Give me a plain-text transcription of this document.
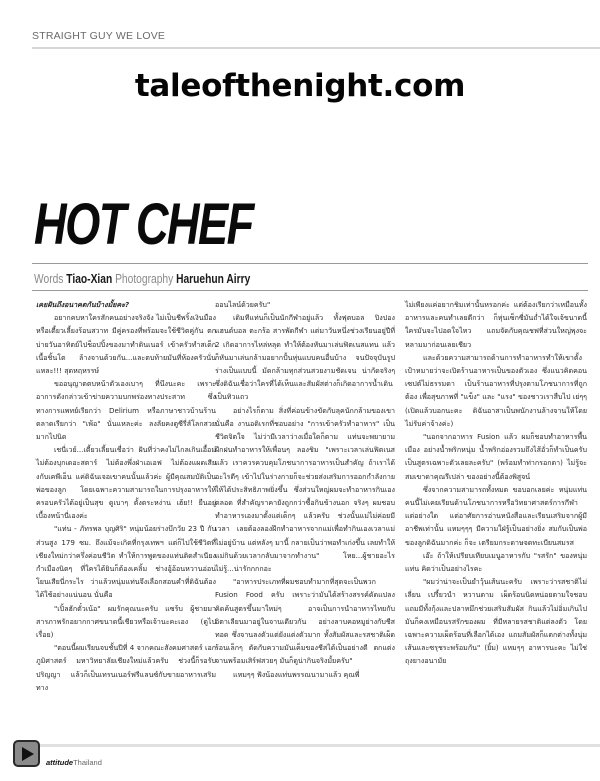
STRAIGHT GUY WE LOVE
taleofthenight.com
HOT CHEF
Words Tiao-Xian Photography Haruehun Airry

เคยฝันถึงอนาคตกันบ้างมั้ยคะ?

อยากคบหาใครสักคนอย่างจริงจัง ไม่เป็นชีพริ้งเงินมือง หรือเตี้ยวเลี้ยงร้อนสวาท มีคู่ครองที่พร้อมจะใช้ชีวิตคู่กัน ตกบ่ายวันอาทิตย์ไปช็อปปิ้งของมาทำดินเนอร์ เข้าครัวทำสเต็กเนื้อชิ้นโต ล้างจานด้วยกัน...และตบท้ายมันที่ห้องครัวนั่นแหละ!!! สุดหฤหรรษ์

ขออนุญาตตบหน้าตัวเองเบาๆ ที่นึงนะคะ เพราะอาการดังกล่าวเข้าข่ายความบกพร่องทางประสาท ซึ่งทางการแพทย์เรียกว่า Delirium หรือภาษาชาวบ้านร้านตลาดเรียกว่า "เพ้อ" นั่นแหละค่ะ ลงลัยคงดูซีรี่ส์โลกสวยมากไปนิด

เชนี่เวย์...เตี้ยวเลี้ยนเชื่อว่า ฝันที่ว่าคงไม่ไกลเกินเอื้อม ไม่ต้องบุกเดอะสตาร์ ไม่ต้องพึ่งฝ่าเอเอฟ ไม่ต้องแผดเสียงกับเคพีเอ็น แค่ดิฉันเจอเขาคนนั้นแล้วค่ะ ผู้มีคุณสมบัติเป็นพ่อของลูก โดยเฉพาะความสามารถในการปรุงอาหารให้ครอบครัวได้อยู่เป็นสุข ดูเบาๆ ตั้งตระหง่าน เฮ้ย!! ยืนอยู่เบื้องหน้านี่เองค่ะ

"แท่น - ภัทรพล บุญศิริ" หนุ่มน้อยร่างบึกวัย 23 ปี กับส่วนสูง 179 ซม. ถึงแม้จะเกิดที่กรุงเทพฯ แต่ก็ไปใช้ชีวิตที่เชียงใหม่กว่าครึ่งค่อนชีวิต ทำให้การพูดของแท่นติดสำเนียงกำเมืองนิดๆ ที่ใครได้ยินก็ต้องเคลิ้ม ช่างอู้อ้อนหวานอ่อนโยนเสียนี่กระไร ว่าแล้วหนุ่มแท่นจึงเลือกสอนคำที่ดิฉันต้องได้ใช้อย่างแน่นอน นั่นคือ

"เปิ้ลฮักตั๋วเน้อ" ผมรักคุณนะครับ แซร้บ ผู้ชายมาสารภาพรักอยากกาศขนาดนี้เชียวหรือเจ้านะคะเอง (ดูไปเรื่อย)

"ตอนนี้ผมเรียนจบชั้นปีที่ 4 จากคณะสังคมศาสตร์ เอกภูมิศาสตร์ มหาวิทยาลัยเชียงใหม่แล้วครับ ช่วงนี้ก็รอรับปริญญา แล้วก็เป็นเทรนเนอร์ฟรีแลนซ์กับขายอาหารเสริมทาง

ออนไลน์ด้วยครับ"

เดิมทีแท่นก็เป็นนักกีฬาอยู่แล้ว ทั้งฟุตบอล ปิงปอง แฮนด์บอล ตะกร้อ สารพัดกีฬา แต่มาวันหนึ่งช่วงเรียนอยู่ปีที่ 2 เกิดอาการไหล่หลุด ทำให้ต้องหันมาเล่นฟิตเนสแทน แล้วก็หันมาเล่นกล้ามอยากปั้นหุ่นแบบคนอื่นบ้าง จนปัจจุบันรูปร่างเป็นแบบนี้ มัดกล้ามทุกส่วนสวยงามชัดเจน น่ากัดจริงๆ ซึ่งดิฉันเชื่อว่าใครที่ได้เห็นและสัมผัสต่างก็เกิดอาการน้ำเดินเป็นทิวแถว

อย่างไรก็ตาม สิ่งที่ค่อนข้างขัดกับลุคนักกล้ามของเขานั่นคือ งานอดิเรกที่ชอบอย่าง "การเข้าครัวทำอาหาร" เป็นชีวิตจิตใจ ไม่ว่ามีเวลาว่างเมื่อใดก็ตาม แท่นจะพยายามฝึกฝนทำอาหารให้เพื่อนๆ ลองชิม "เพราะเวลาเล่นฟิตเนสแล้ว เราควรควบคุมโภชนาการอาหารเป็นสำคัญ ถ้าเราได้อะไรดีๆ เข้าไปในร่างกายก็จะช่วยส่งเสริมการออกกำลังกายให้ได้ประสิทธิภาพยิ่งขึ้น ซึ่งส่วนใหญ่ผมจะทำอาหารกินเองตลอด ที่สำคัญราคายังถูกกว่าซื้อกินข้างนอก จริงๆ ผมชอบทำอาหารเองมาตั้งแต่เด็กๆ แล้วครับ ช่วงนั้นแม่ไม่ค่อยมีเวลา เลยต้องลองฝึกทำอาหารจากแม่เพื่อทำกินเองเวลาแม่ไม่อยู่บ้าน แต่หลังๆ มานี้ กลายเป็นว่าพอทำเก่งขึ้น เลยทำให้แม่กินด้วยเวลากลับมาจากทำงาน" โหย...ผู้ชายอะไรไม่รู้...น่ารักกกกอะ

"อาหารประเภทที่ผมชอบทำมากที่สุดจะเป็นพวก Fusion Food ครับ เพราะว่ามันได้สร้างสรรค์ดัดแปลง คิดค้นสูตรขึ้นมาใหม่ๆ อาจเป็นการนำอาหารไทยกับอิตาเลียนมาอยู่ในจานเดียวกัน อย่างลาบคอหมูย่างกับชีสทอด ซึ่งจานลงตัวแต่ยังแต่งตัวมาก ทั้งสัมผัสและรสชาติเผ็ดร้อนเล็กๆ ตัดกับความมันเค็มของชีสได้เป็นอย่างดี ตกแต่งจานพร้อมเสิร์ฟสวยๆ มันก็ดูน่ากินจริงมั้ยครับ"

แหมๆๆ ฟังน้องแท่นพรรณนามาแล้ว คุณพี่

ไม่เพียงแค่อยากชิมเท่านั้นหรอกค่ะ แต่ต้องเรียกว่าเหมือนทั้งอาหารและคนทำเลยดีกว่า ก็หุ่นเซ็กซี่มันถ่ำได้ใจเจ้ขนาดนี้ใครมันจะไปอดใจไหว แถมจัดกับคุณชฟที่ส่วนใหญ่พุงจะหลามมาก่อนเลยเชียว

และด้วยความสามารถด้านการทำอาหารทำให้เขาตั้งเป้าหมายว่าจะเปิดร้านอาหารเป็นของตัวเอง ซึ่งแนวคิดคอนเซปต์ไม่ธรรมดา เป็นร้านอาหารที่ปรุงตามโภชนาการที่ถูกต้อง เพื่อสุขภาพที่ "แข็ง" และ "แรง" ของชาวเราสืบไป เย่ๆๆ (เปิดแล้วบอกนะคะ ดิฉันอาสาเป็นพนักงานล้างจานให้โดยไม่รับค่าจ้างค่ะ)

"นอกจากอาหาร Fusion แล้ว ผมก็ชอบทำอาหารพื้นเมือง อย่างน้ำพริกหนุ่ม น้ำพริกอ่องรวมถึงไส้อั่วก็ทำเป็นครับ เป็นสูตรเฉพาะตัวเลยละครับ" (พร้อมทำท่ากรอกตา) ไม่รู้จะสมเขาดาคุณรีเปล่า ของอย่างนี้ต้องพิสูจน์

ซึ่งจากความสามารถทั้งหมด ขอบอกเลยค่ะ หนุ่มแท่นคนนี้ไม่เคยเรียนด้านโภชนาการหรือวิทยาศาสตร์การกีฬาแต่อย่างใด แต่อาศัยการอ่านหนังสือและเรียนเสริมจากผู้มีอาชีพเท่านั้น แหมๆๆๆ มีความใฝ่รู้เป็นอย่างยิ่ง สมกับเป็นพ่อของลูกดิฉันมากค่ะ ก็จะ เตรียมกระดาษจดทะเบียนสมรส

เอ๊ะ ถ้าให้เปรียบเทียบเมนูอาหารกับ "รสรัก" ของหนุ่มแท่น คิดว่าเป็นอย่างไรคะ

"ผมว่าน่าจะเป็นยำวุ้นเส้นนะครับ เพราะว่ารสชาติไม่เลี่ยน เปรี้ยวนำ หวานตาม เผ็ดร้อนนิดหน่อยตามใจชอบ แถมมีทั้งกุ้งและปลาหมึกช่วยเสริมสัมผัส กินแล้วไม่อิ่มเกินไป มันก็คงเหมือนรสรักของผม ที่มีหลายรสชาติแต่ลงตัว โดยเฉพาะความเผ็ดร้อนที่เลือกได้เอง แถมสัมผัสก็แตกต่างทั้งนุ่มเส้นและซรุชระพร้อมกัน" (ยิ้ม) แหมๆๆ อาหารนะคะ ไม่ใช่ถุงยางอนามัย

attitudeThailand
